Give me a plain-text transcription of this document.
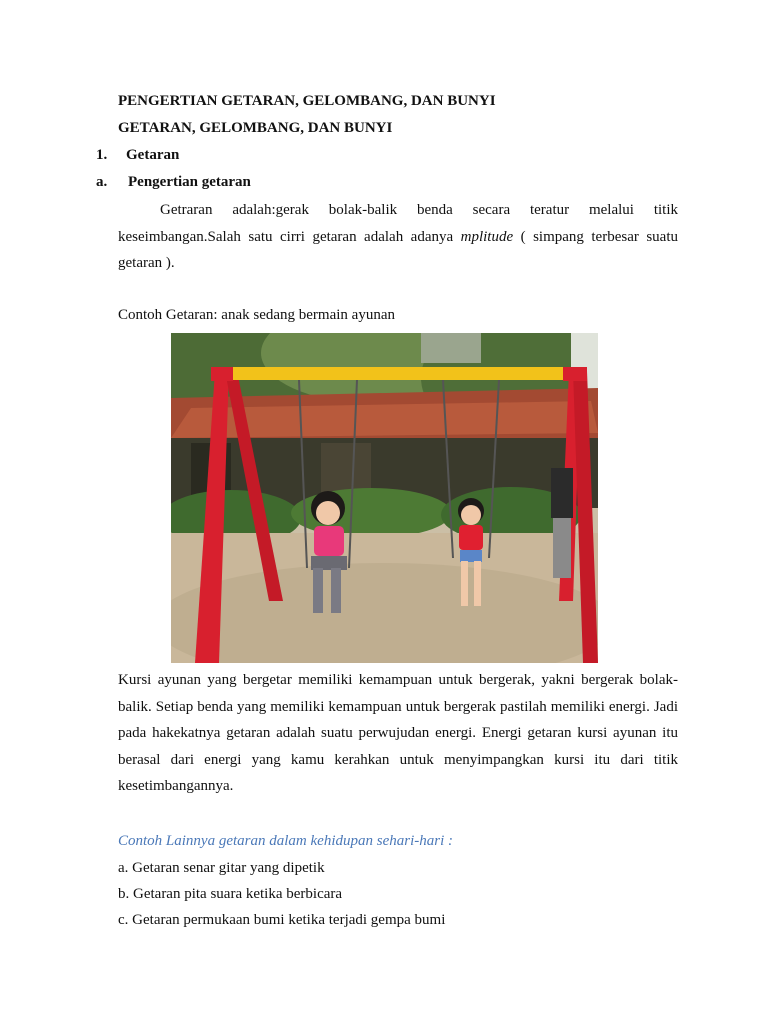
PENGERTIAN GETARAN, GELOMBANG, DAN BUNYI
GETARAN, GELOMBANG, DAN BUNYI
1. Getaran
a. Pengertian getaran
Getraran adalah:gerak bolak-balik benda secara teratur melalui titik keseimbangan.Salah satu cirri getaran adalah adanya mplitude ( simpang terbesar suatu getaran ).
Contoh Getaran: anak sedang bermain ayunan
Kursi ayunan yang bergetar memiliki kemampuan untuk bergerak, yakni bergerak bolak-balik. Setiap benda yang memiliki kemampuan untuk bergerak pastilah memiliki energi. Jadi pada hakekatnya getaran adalah suatu perwujudan energi. Energi getaran kursi ayunan itu berasal dari energi yang kamu kerahkan untuk menyimpangkan kursi itu dari titik kesetimbangannya.
Contoh Lainnya getaran dalam kehidupan sehari-hari :
a. Getaran senar gitar yang dipetik
b. Getaran pita suara ketika berbicara
c. Getaran permukaan bumi ketika terjadi gempa bumi
